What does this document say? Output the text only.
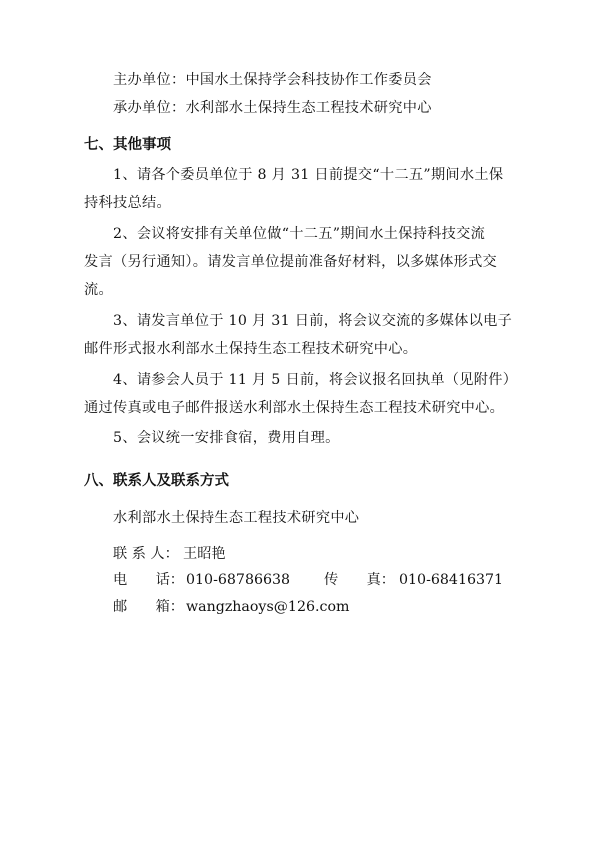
主办单位：中国水土保持学会科技协作工作委员会
承办单位：水利部水土保持生态工程技术研究中心
七、其他事项
1、请各个委员单位于 8 月 31 日前提交“十二五”期间水土保
持科技总结。
2、会议将安排有关单位做“十二五”期间水土保持科技交流
发言（另行通知）。请发言单位提前准备好材料，以多媒体形式交
流。
3、请发言单位于 10 月 31 日前，将会议交流的多媒体以电子
邮件形式报水利部水土保持生态工程技术研究中心。
4、请参会人员于 11 月 5 日前，将会议报名回执单（见附件）
通过传真或电子邮件报送水利部水土保持生态工程技术研究中心。
5、会议统一安排食宿，费用自理。
八、联系人及联系方式
水利部水土保持生态工程技术研究中心
联 系 人： 王昭艳
电　　话： 010-68786638 传　　真： 010-68416371
邮　　箱： wangzhaoys@126.com
